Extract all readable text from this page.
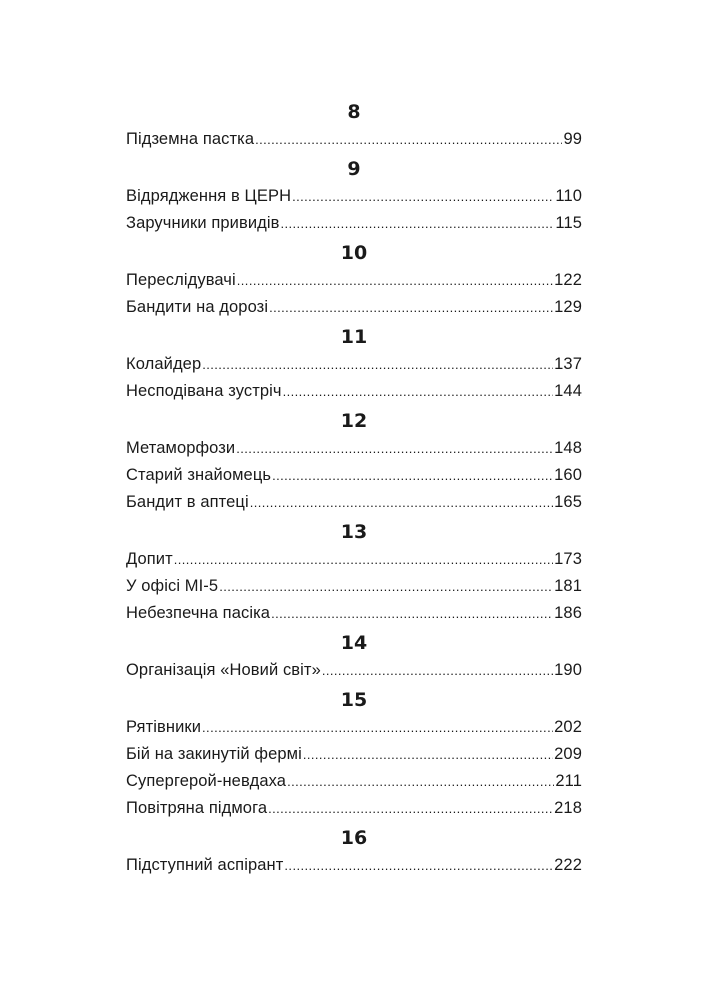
8
Підземна пастка .....	99
9
Відрядження в ЦЕРН .....	110
Заручники привидів .....	115
10
Переслідувачі .....	122
Бандити на дорозі .....	129
11
Колайдер .....	137
Несподівана зустріч .....	144
12
Метаморфози .....	148
Старий знайомець .....	160
Бандит в аптеці .....	165
13
Допит .....	173
У офісі МІ-5 .....	181
Небезпечна пасіка .....	186
14
Організація «Новий світ» .....	190
15
Рятівники .....	202
Бій на закинутій фермі .....	209
Супергерой-невдаха .....	211
Повітряна підмога .....	218
16
Підступний аспірант .....	222
